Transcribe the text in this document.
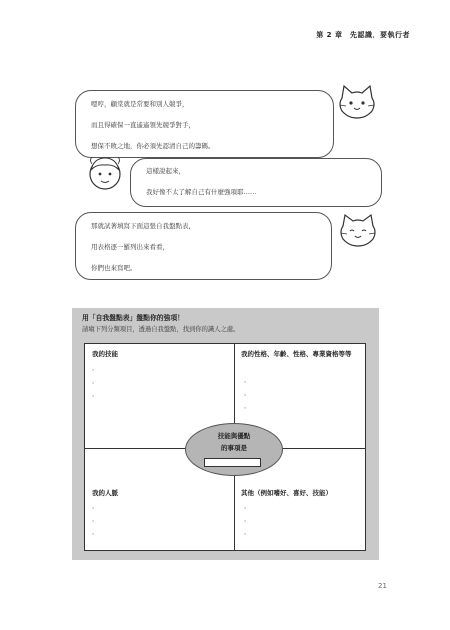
第 2 章　先認識．要執行者
嗯哼，顧棠就是常要和別人競爭，
而且得確保一直遙遙領先競爭對手，
想保不敗之地，你必須先認清自己的籌碼。
這樣說起來，
我好像不太了解自己有什麼強項耶……
那就試著填寫下面這張自我盤點表，
用表格逐一羅列出來看看，
你們也來寫吧。
用「自我盤點表」盤點你的強項！
請塡下列分類項目，透過自我盤點，找到你的識人之處。
我的技能
．
．
．
我的性格、年齡、性格、專業資格等等
．
．
．
我的人脈
．
．
．
其他（例如嗜好、喜好、技能）
．
．
．
技能與優點
的事項是
21
